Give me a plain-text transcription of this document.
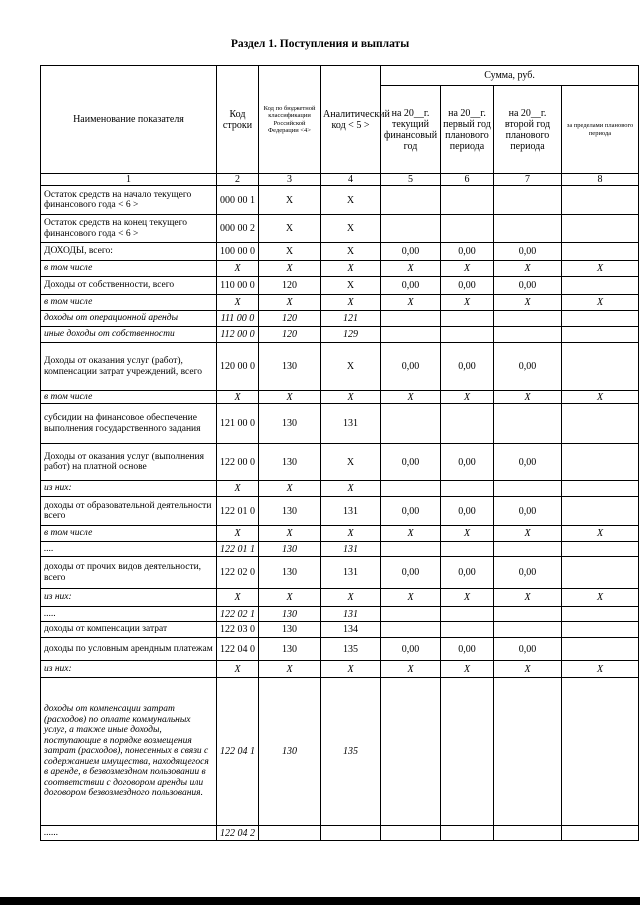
Раздел 1. Поступления и выплаты
Наименование показателя	Код строки	Код по бюджетной классификации Российской Федерации <4>	Аналитический код < 5 >	Сумма, руб.			
				на 20__г. текущий финансовый год	на 20__г. первый год планового периода	на 20__г. второй год планового периода	за пределами планового периода
1	2	3	4	5	6	7	8
Остаток средств на начало текущего финансового года < 6 >	000 00 1	X	X				
Остаток средств на конец текущего финансового года < 6 >	000 00 2	X	X				
ДОХОДЫ, всего:	100 00 0	X	X	0,00	0,00	0,00	
в том числе	X	X	X	X	X	X	X
Доходы от собственности, всего	110 00 0	120	X	0,00	0,00	0,00	
в том числе	X	X	X	X	X	X	X
доходы от операционной аренды	111 00 0	120	121				
иные доходы от собственности	112 00 0	120	129				
Доходы от оказания услуг (работ), компенсации затрат учреждений, всего	120 00 0	130	X	0,00	0,00	0,00	
в том числе	X	X	X	X	X	X	X
субсидии на финансовое обеспечение выполнения государственного задания	121 00 0	130	131				
Доходы от оказания услуг (выполнения работ) на платной основе	122 00 0	130	X	0,00	0,00	0,00	
из них:	X	X	X				
доходы от образовательной деятельности всего	122 01 0	130	131	0,00	0,00	0,00	
в том числе	X	X	X	X	X	X	X
....	122 01 1	130	131				
доходы от прочих видов деятельности, всего	122 02 0	130	131	0,00	0,00	0,00	
из них:	X	X	X	X	X	X	X
.....	122 02 1	130	131				
доходы от компенсации затрат	122 03 0	130	134				
доходы по условным арендным платежам	122 04 0	130	135	0,00	0,00	0,00	
из них:	X	X	X	X	X	X	X
доходы от компенсации затрат (расходов) по оплате коммунальных услуг, а также иные доходы, поступающие в порядке возмещения затрат (расходов), понесенных в связи с содержанием имущества, находящегося в аренде, в безвозмездном пользовании в соответствии с договором аренды или договором безвозмездного пользования.	122 04 1	130	135				
......	122 04 2						
